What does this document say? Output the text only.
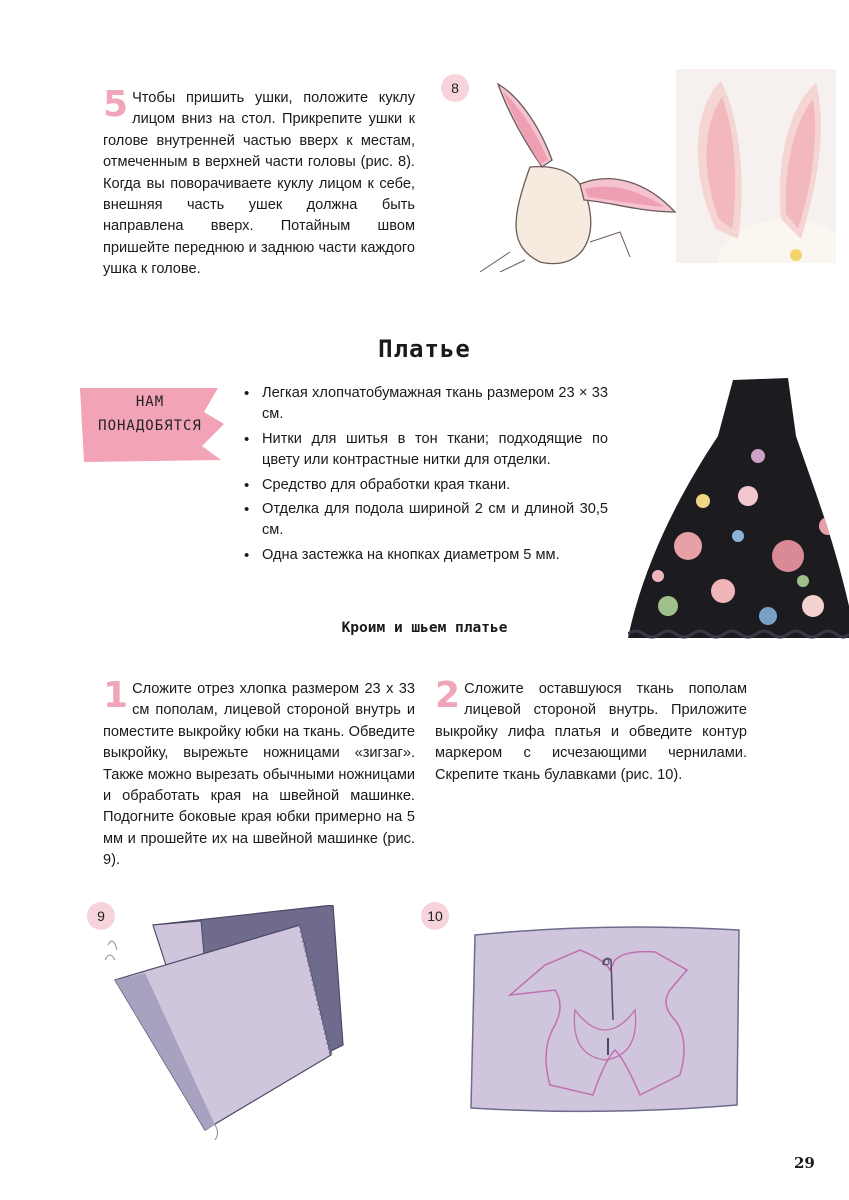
5 Чтобы пришить ушки, положите куклу лицом вниз на стол. Прикрепите ушки к голове внутренней частью вверх к местам, отмеченным в верхней части головы (рис. 8). Когда вы поворачиваете куклу лицом к себе, внешняя часть ушек должна быть направлена вверх. Потайным швом пришейте переднюю и заднюю части каждого ушка к голове.

8
Платье
НАМ
ПОНАДОБЯТСЯ
• Легкая хлопчатобумажная ткань размером 23 × 33 см.
• Нитки для шитья в тон ткани; подходящие по цвету или контрастные нитки для отделки.
• Средство для обработки края ткани.
• Отделка для подола шириной 2 см и длиной 30,5 см.
• Одна застежка на кнопках диаметром 5 мм.
Кроим и шьем платье

1 Сложите отрез хлопка размером 23 х 33 см пополам, лицевой стороной внутрь и поместите выкройку юбки на ткань. Обведите выкройку, вырежьте ножницами «зигзаг». Также можно вырезать обычными ножницами и обработать края на швейной машинке. Подогните боковые края юбки примерно на 5 мм и прошейте их на швейной машинке (рис. 9).

2 Сложите оставшуюся ткань пополам лицевой стороной внутрь. Приложите выкройку лифа платья и обведите контур маркером с исчезающими чернилами. Скрепите ткань булавками (рис. 10).

9	10
29
